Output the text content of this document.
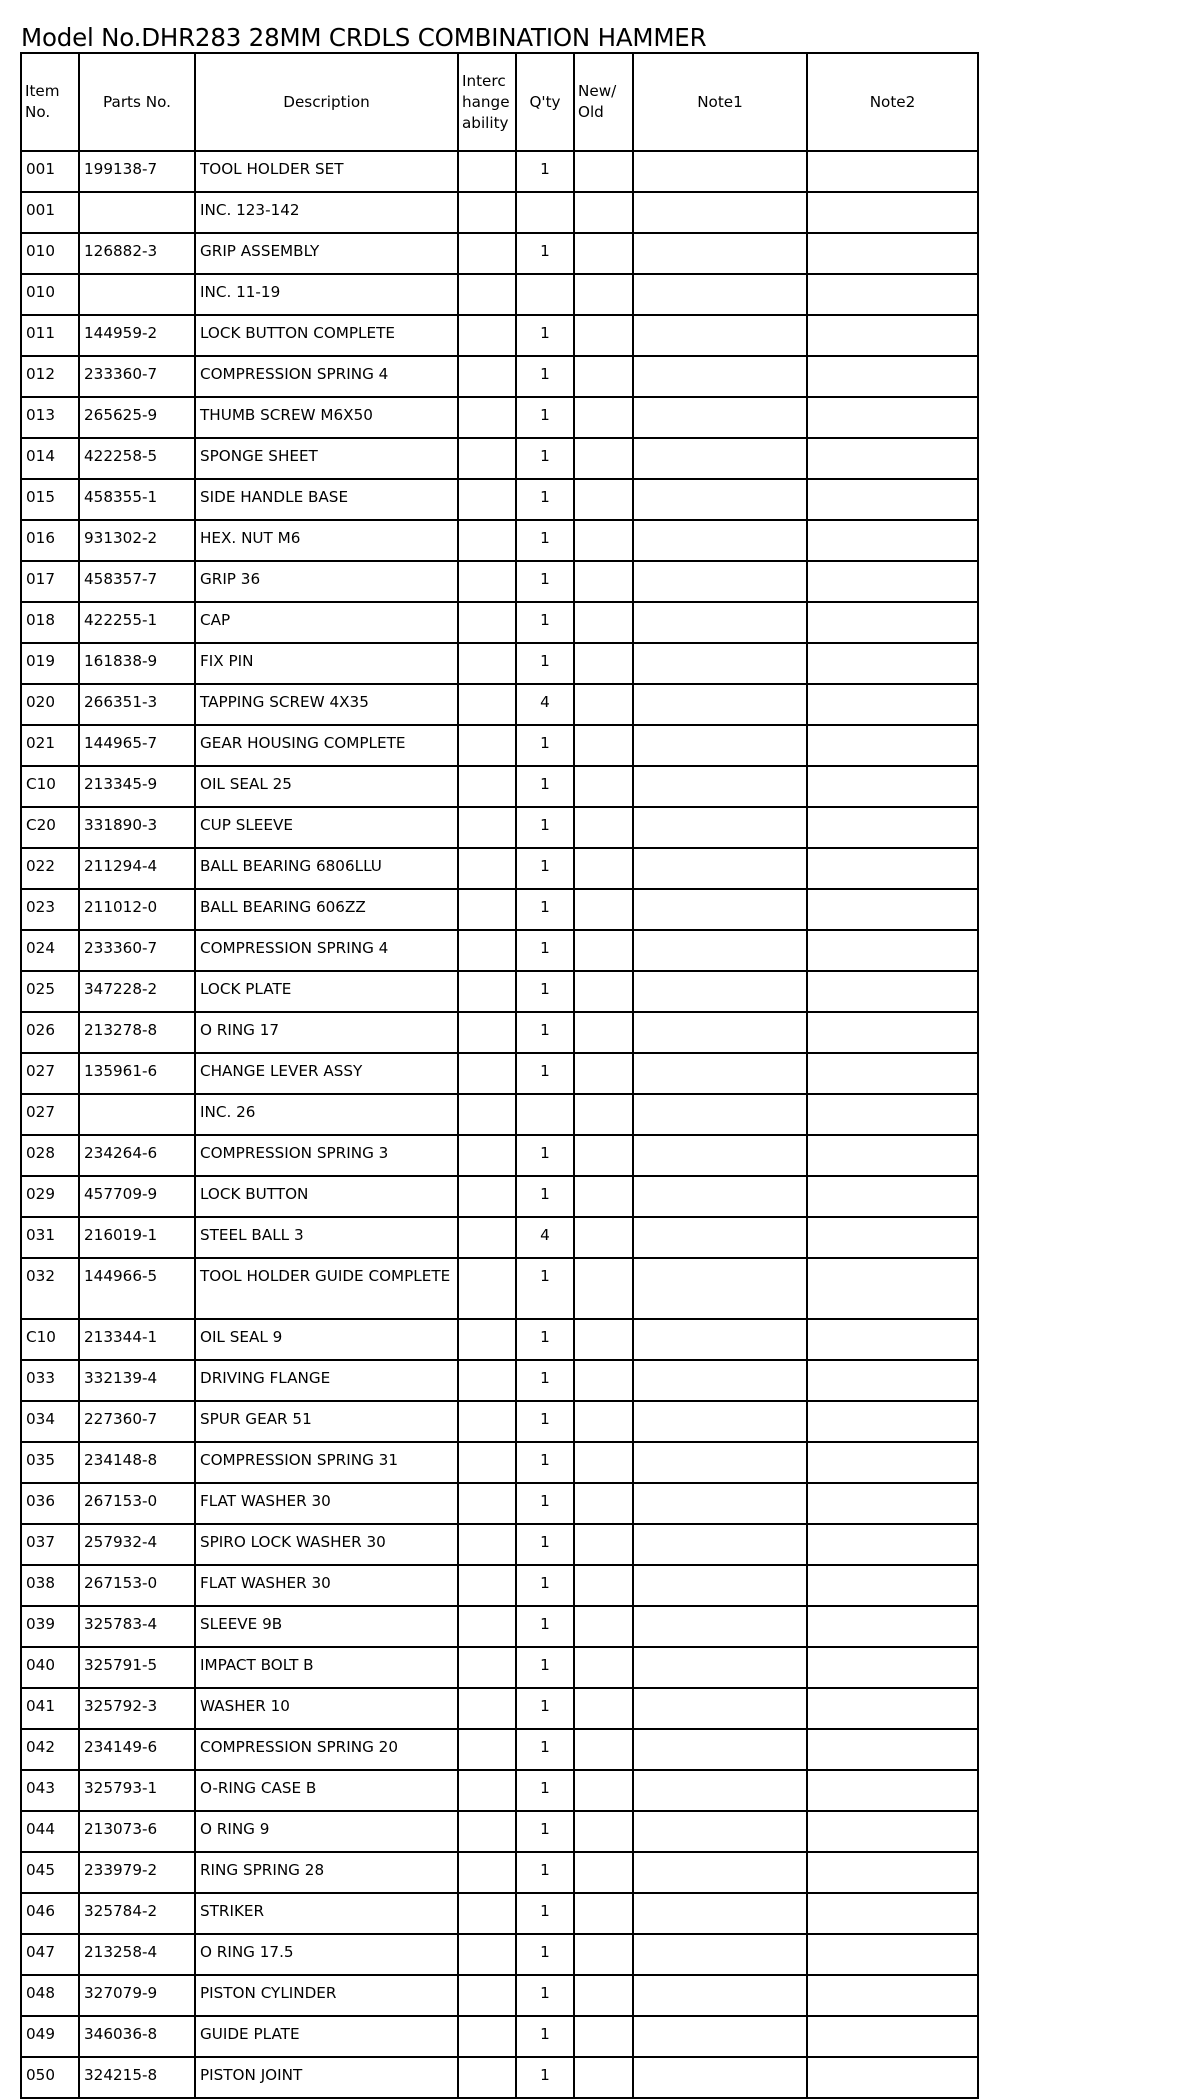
Model No.DHR283 28MM CRDLS COMBINATION HAMMER
Item No.	Parts No.	Description	Interchangeability	Q'ty	New/ Old	Note1	Note2
001	199138-7	TOOL HOLDER SET		1			
001		INC. 123-142					
010	126882-3	GRIP ASSEMBLY		1			
010		INC. 11-19					
011	144959-2	LOCK BUTTON COMPLETE		1			
012	233360-7	COMPRESSION SPRING 4		1			
013	265625-9	THUMB SCREW M6X50		1			
014	422258-5	SPONGE SHEET		1			
015	458355-1	SIDE HANDLE BASE		1			
016	931302-2	HEX. NUT M6		1			
017	458357-7	GRIP 36		1			
018	422255-1	CAP		1			
019	161838-9	FIX PIN		1			
020	266351-3	TAPPING SCREW 4X35		4			
021	144965-7	GEAR HOUSING COMPLETE		1			
C10	213345-9	OIL SEAL 25		1			
C20	331890-3	CUP SLEEVE		1			
022	211294-4	BALL BEARING 6806LLU		1			
023	211012-0	BALL BEARING 606ZZ		1			
024	233360-7	COMPRESSION SPRING 4		1			
025	347228-2	LOCK PLATE		1			
026	213278-8	O RING 17		1			
027	135961-6	CHANGE LEVER ASSY		1			
027		INC. 26					
028	234264-6	COMPRESSION SPRING 3		1			
029	457709-9	LOCK BUTTON		1			
031	216019-1	STEEL BALL 3		4			
032	144966-5	TOOL HOLDER GUIDE COMPLETE		1			
C10	213344-1	OIL SEAL 9		1			
033	332139-4	DRIVING FLANGE		1			
034	227360-7	SPUR GEAR 51		1			
035	234148-8	COMPRESSION SPRING 31		1			
036	267153-0	FLAT WASHER 30		1			
037	257932-4	SPIRO LOCK WASHER 30		1			
038	267153-0	FLAT WASHER 30		1			
039	325783-4	SLEEVE 9B		1			
040	325791-5	IMPACT BOLT B		1			
041	325792-3	WASHER 10		1			
042	234149-6	COMPRESSION SPRING 20		1			
043	325793-1	O-RING CASE B		1			
044	213073-6	O RING 9		1			
045	233979-2	RING SPRING 28		1			
046	325784-2	STRIKER		1			
047	213258-4	O RING 17.5		1			
048	327079-9	PISTON CYLINDER		1			
049	346036-8	GUIDE PLATE		1			
050	324215-8	PISTON JOINT		1			
